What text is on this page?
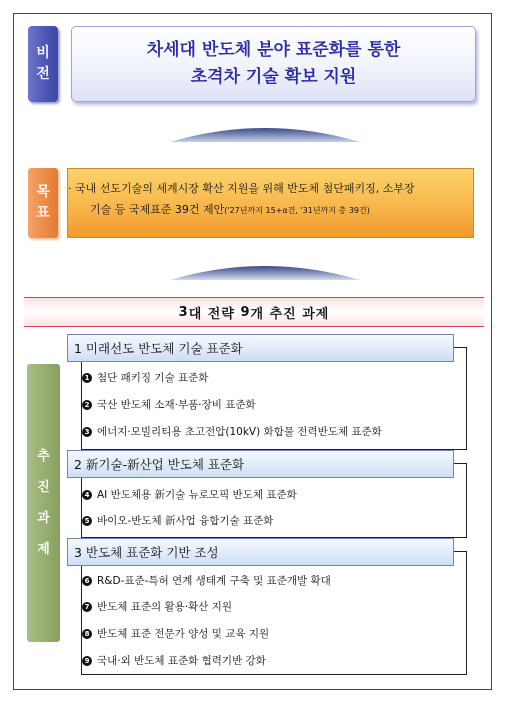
비
전
차세대 반도체 분야 표준화를 통한
초격차 기술 확보 지원
목
표
· 국내 선도기술의 세계시장 확산 지원을 위해 반도체 첨단패키징, 소부장
기술 등 국제표준 39건 제안('27년까지 15+α건, '31년까지 총 39건)
3 대 전략 9 개 추진 과제
추
진
과
제
1 미래선도 반도체 기술 표준화
1 첨단 패키징 기술 표준화
2 국산 반도체 소재·부품·장비 표준화
3 에너지·모빌리티용 초고전압(10kV) 화합물 전력반도체 표준화
2 新기술-新산업 반도체 표준화
4 AI 반도체용 新기술 뉴로모픽 반도체 표준화
5 바이오-반도체 新사업 융합기술 표준화
3 반도체 표준화 기반 조성
6 R&D-표준-특허 연계 생태계 구축 및 표준개발 확대
7 반도체 표준의 활용·확산 지원
8 반도체 표준 전문가 양성 및 교육 지원
9 국내·외 반도체 표준화 협력기반 강화
